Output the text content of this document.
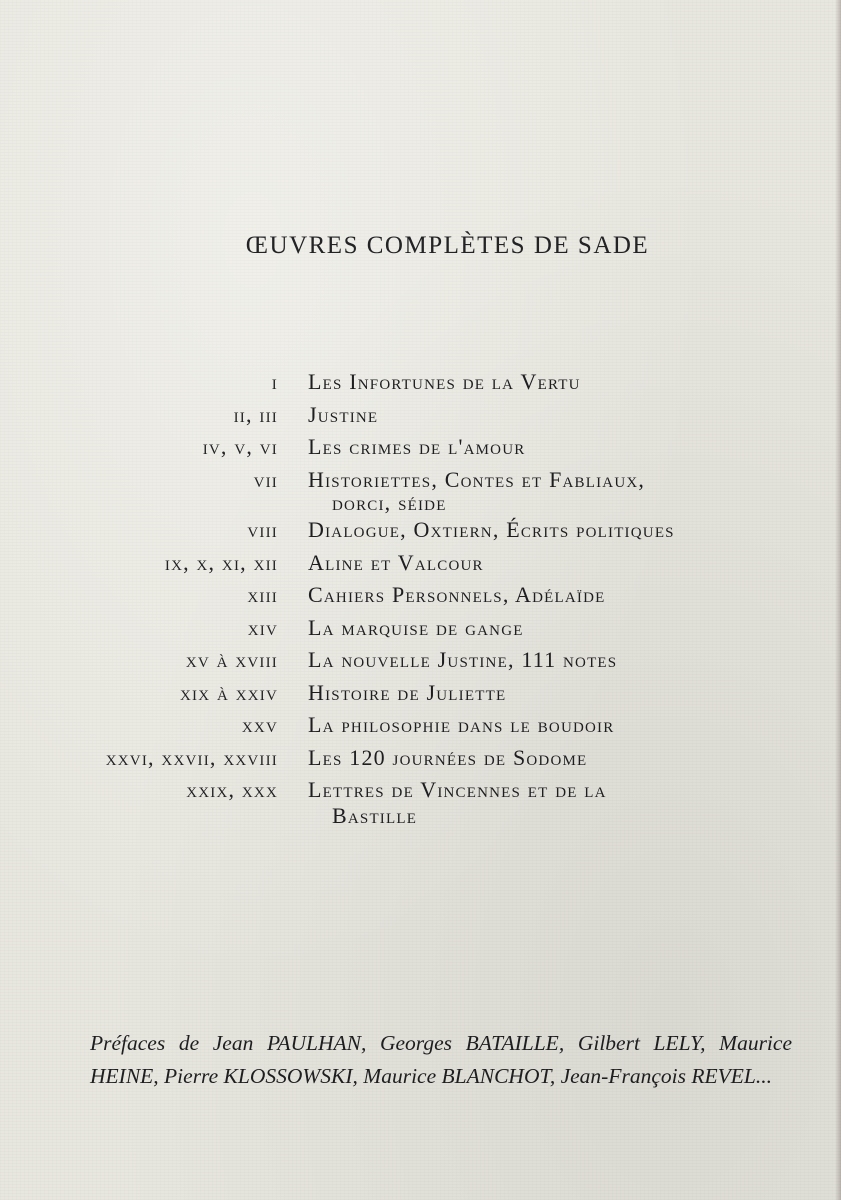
ŒUVRES COMPLÈTES DE SADE
i	Les Infortunes de la Vertu
ii, iii	Justine
iv, v, vi	Les crimes de l'amour
vii	Historiettes, Contes et Fabliaux,
dorci, séide
viii	Dialogue, Oxtiern, Écrits politiques
ix, x, xi, xii	Aline et Valcour
xiii	Cahiers Personnels, Adélaïde
xiv	La marquise de gange
xv à xviii	La nouvelle Justine, 111 notes
xix à xxiv	Histoire de Juliette
xxv	La philosophie dans le boudoir
xxvi, xxvii, xxviii	Les 120 journées de Sodome
xxix, xxx	Lettres de Vincennes et de la
Bastille

Préfaces de Jean PAULHAN, Georges BATAILLE, Gilbert LELY, Maurice HEINE, Pierre KLOSSOWSKI, Maurice BLANCHOT, Jean-François REVEL...
